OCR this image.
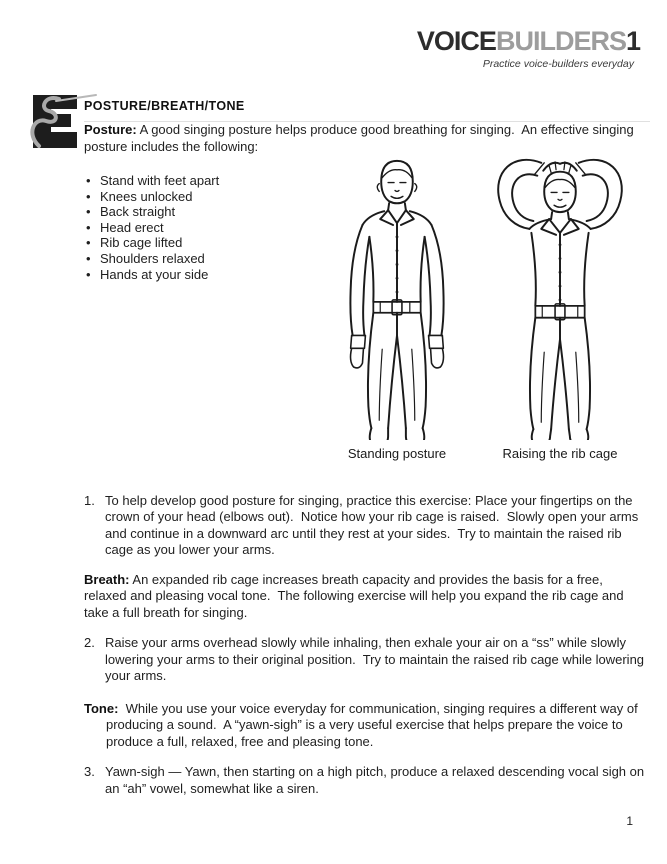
VOICEBUILDERS1
Practice voice-builders everyday
POSTURE/BREATH/TONE

Posture: A good singing posture helps produce good breathing for singing.  An effective singing posture includes the following:

• Stand with feet apart
• Knees unlocked
• Back straight
• Head erect
• Rib cage lifted
• Shoulders relaxed
• Hands at your side
Standing posture	Raising the rib cage
1. To help develop good posture for singing, practice this exercise: Place your fingertips on the crown of your head (elbows out).  Notice how your rib cage is raised.  Slowly open your arms and continue in a downward arc until they rest at your sides.  Try to maintain the raised rib cage as you lower your arms.

Breath: An expanded rib cage increases breath capacity and provides the basis for a free, relaxed and pleasing vocal tone.  The following exercise will help you expand the rib cage and take a full breath for singing.

2. Raise your arms overhead slowly while inhaling, then exhale your air on a “ss” while slowly lowering your arms to their original position.  Try to maintain the raised rib cage while lowering your arms.

Tone:  While you use your voice everyday for communication, singing requires a different way of producing a sound.  A “yawn-sigh” is a very useful exercise that helps prepare the voice to produce a full, relaxed, free and pleasing tone.

3. Yawn-sigh — Yawn, then starting on a high pitch, produce a relaxed descending vocal sigh on an “ah” vowel, somewhat like a siren.
1
